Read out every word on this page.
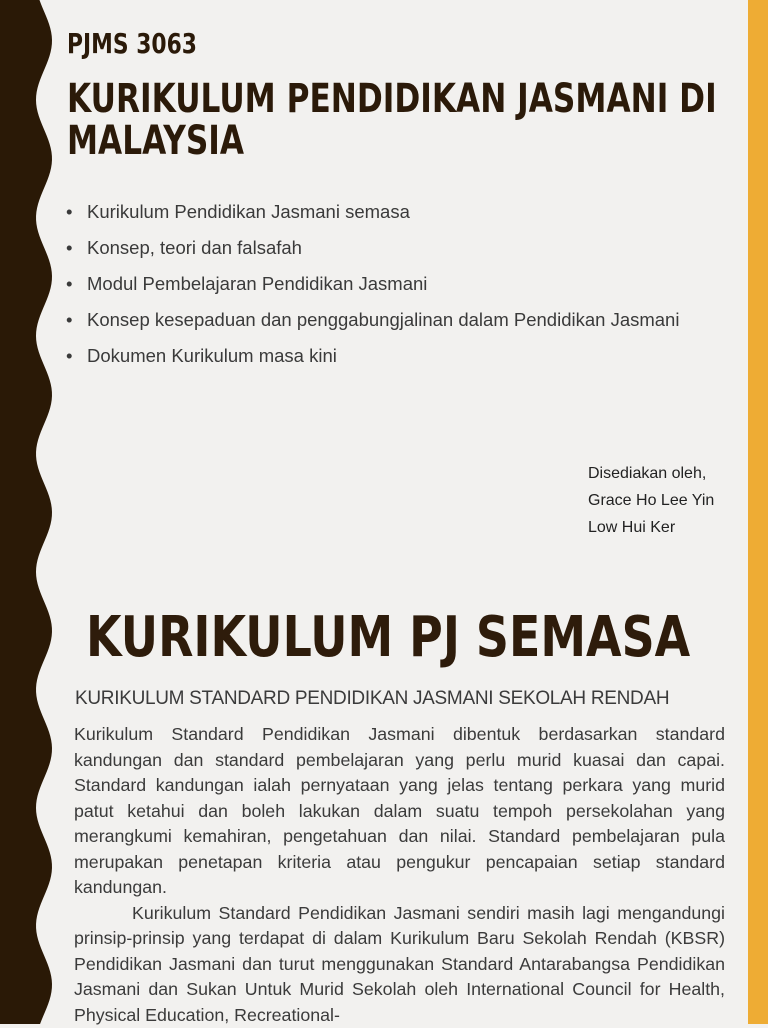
PJMS 3063
KURIKULUM PENDIDIKAN JASMANI DI
MALAYSIA
• Kurikulum Pendidikan Jasmani semasa
• Konsep, teori dan falsafah
• Modul Pembelajaran Pendidikan Jasmani
• Konsep kesepaduan dan penggabungjalinan dalam Pendidikan Jasmani
• Dokumen Kurikulum masa kini
Disediakan oleh,
Grace Ho Lee Yin
Low Hui Ker
KURIKULUM PJ SEMASA
KURIKULUM STANDARD PENDIDIKAN JASMANI SEKOLAH RENDAH

Kurikulum Standard Pendidikan Jasmani dibentuk berdasarkan standard kandungan dan standard pembelajaran yang perlu murid kuasai dan capai. Standard kandungan ialah pernyataan yang jelas tentang perkara yang murid patut ketahui dan boleh lakukan dalam suatu tempoh persekolahan yang merangkumi kemahiran, pengetahuan dan nilai. Standard pembelajaran pula merupakan penetapan kriteria atau pengukur pencapaian setiap standard kandungan.

Kurikulum Standard Pendidikan Jasmani sendiri masih lagi mengandungi prinsip-prinsip yang terdapat di dalam Kurikulum Baru Sekolah Rendah (KBSR) Pendidikan Jasmani dan turut menggunakan Standard Antarabangsa Pendidikan Jasmani dan Sukan Untuk Murid Sekolah oleh International Council for Health, Physical Education, Recreational-
